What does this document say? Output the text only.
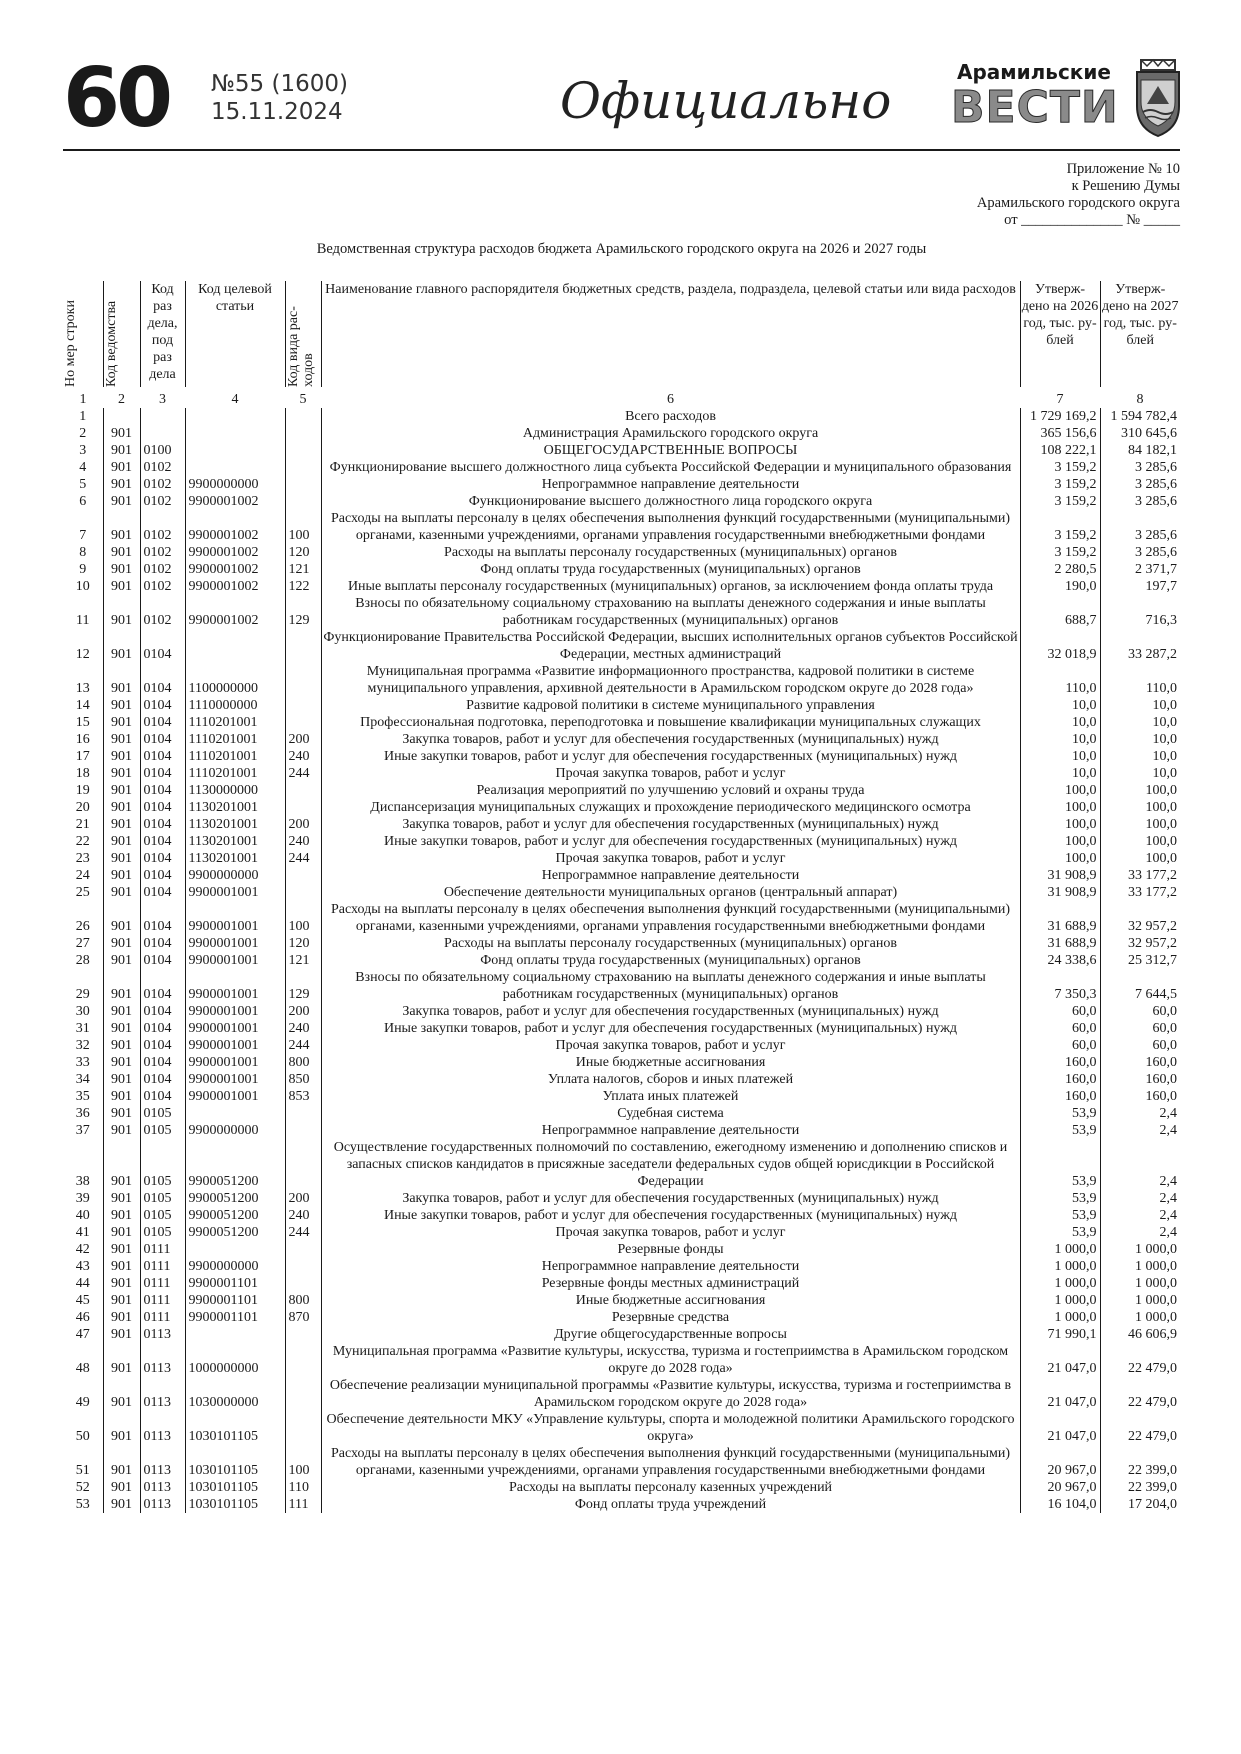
60 №55 (1600)
15.11.2024	Официально	Арамильские
ВЕСТИ
Приложение № 10
к Решению Думы
Арамильского городского округа
от ______________ № _____
Ведомственная структура расходов бюджета Арамильского городского округа на 2026 и 2027 годы
Но мер строки	Код ведомства	Код раз дела, под раз дела	Код целевой статьи	Код вида рас- ходов	Наименование главного распорядителя бюджетных средств, раздела, подраздела, целевой статьи или вида расходов	Утверж- дено на 2026 год, тыс. ру- блей	Утверж- дено на 2027 год, тыс. ру- блей
1	2	3	4	5	6	7	8
1					Всего расходов	1 729 169,2	1 594 782,4
2	901				Администрация Арамильского городского округа	365 156,6	310 645,6
3	901	0100			ОБЩЕГОСУДАРСТВЕННЫЕ ВОПРОСЫ	108 222,1	84 182,1
4	901	0102			Функционирование высшего должностного лица субъекта Российской Федерации и муниципального образования	3 159,2	3 285,6
5	901	0102	9900000000		Непрограммное направление деятельности	3 159,2	3 285,6
6	901	0102	9900001002		Функционирование высшего должностного лица городского округа	3 159,2	3 285,6
7	901	0102	9900001002	100	Расходы на выплаты персоналу в целях обеспечения выполнения функций государственными (муниципальными) органами, казенными учреждениями, органами управления государственными внебюджетными фондами	3 159,2	3 285,6
8	901	0102	9900001002	120	Расходы на выплаты персоналу государственных (муниципальных) органов	3 159,2	3 285,6
9	901	0102	9900001002	121	Фонд оплаты труда государственных (муниципальных) органов	2 280,5	2 371,7
10	901	0102	9900001002	122	Иные выплаты персоналу государственных (муниципальных) органов, за исключением фонда оплаты труда	190,0	197,7
11	901	0102	9900001002	129	Взносы по обязательному социальному страхованию на выплаты денежного содержания и иные выплаты работникам государственных (муниципальных) органов	688,7	716,3
12	901	0104			Функционирование Правительства Российской Федерации, высших исполнительных органов субъектов Российской Федерации, местных администраций	32 018,9	33 287,2
13	901	0104	1100000000		Муниципальная программа «Развитие информационного пространства, кадровой политики в системе муниципального управления, архивной деятельности в Арамильском городском округе до 2028 года»	110,0	110,0
14	901	0104	1110000000		Развитие кадровой политики в системе муниципального управления	10,0	10,0
15	901	0104	1110201001		Профессиональная подготовка, переподготовка и повышение квалификации муниципальных служащих	10,0	10,0
16	901	0104	1110201001	200	Закупка товаров, работ и услуг для обеспечения государственных (муниципальных) нужд	10,0	10,0
17	901	0104	1110201001	240	Иные закупки товаров, работ и услуг для обеспечения государственных (муниципальных) нужд	10,0	10,0
18	901	0104	1110201001	244	Прочая закупка товаров, работ и услуг	10,0	10,0
19	901	0104	1130000000		Реализация мероприятий по улучшению условий и охраны труда	100,0	100,0
20	901	0104	1130201001		Диспансеризация муниципальных служащих и прохождение периодического медицинского осмотра	100,0	100,0
21	901	0104	1130201001	200	Закупка товаров, работ и услуг для обеспечения государственных (муниципальных) нужд	100,0	100,0
22	901	0104	1130201001	240	Иные закупки товаров, работ и услуг для обеспечения государственных (муниципальных) нужд	100,0	100,0
23	901	0104	1130201001	244	Прочая закупка товаров, работ и услуг	100,0	100,0
24	901	0104	9900000000		Непрограммное направление деятельности	31 908,9	33 177,2
25	901	0104	9900001001		Обеспечение деятельности муниципальных органов (центральный аппарат)	31 908,9	33 177,2
26	901	0104	9900001001	100	Расходы на выплаты персоналу в целях обеспечения выполнения функций государственными (муниципальными) органами, казенными учреждениями, органами управления государственными внебюджетными фондами	31 688,9	32 957,2
27	901	0104	9900001001	120	Расходы на выплаты персоналу государственных (муниципальных) органов	31 688,9	32 957,2
28	901	0104	9900001001	121	Фонд оплаты труда государственных (муниципальных) органов	24 338,6	25 312,7
29	901	0104	9900001001	129	Взносы по обязательному социальному страхованию на выплаты денежного содержания и иные выплаты работникам государственных (муниципальных) органов	7 350,3	7 644,5
30	901	0104	9900001001	200	Закупка товаров, работ и услуг для обеспечения государственных (муниципальных) нужд	60,0	60,0
31	901	0104	9900001001	240	Иные закупки товаров, работ и услуг для обеспечения государственных (муниципальных) нужд	60,0	60,0
32	901	0104	9900001001	244	Прочая закупка товаров, работ и услуг	60,0	60,0
33	901	0104	9900001001	800	Иные бюджетные ассигнования	160,0	160,0
34	901	0104	9900001001	850	Уплата налогов, сборов и иных платежей	160,0	160,0
35	901	0104	9900001001	853	Уплата иных платежей	160,0	160,0
36	901	0105			Судебная система	53,9	2,4
37	901	0105	9900000000		Непрограммное направление деятельности	53,9	2,4
38	901	0105	9900051200		Осуществление государственных полномочий по составлению, ежегодному изменению и дополнению списков и запасных списков кандидатов в присяжные заседатели федеральных судов общей юрисдикции в Российской Федерации	53,9	2,4
39	901	0105	9900051200	200	Закупка товаров, работ и услуг для обеспечения государственных (муниципальных) нужд	53,9	2,4
40	901	0105	9900051200	240	Иные закупки товаров, работ и услуг для обеспечения государственных (муниципальных) нужд	53,9	2,4
41	901	0105	9900051200	244	Прочая закупка товаров, работ и услуг	53,9	2,4
42	901	0111			Резервные фонды	1 000,0	1 000,0
43	901	0111	9900000000		Непрограммное направление деятельности	1 000,0	1 000,0
44	901	0111	9900001101		Резервные фонды местных администраций	1 000,0	1 000,0
45	901	0111	9900001101	800	Иные бюджетные ассигнования	1 000,0	1 000,0
46	901	0111	9900001101	870	Резервные средства	1 000,0	1 000,0
47	901	0113			Другие общегосударственные вопросы	71 990,1	46 606,9
48	901	0113	1000000000		Муниципальная программа «Развитие культуры, искусства, туризма и гостеприимства в Арамильском городском округе до 2028 года»	21 047,0	22 479,0
49	901	0113	1030000000		Обеспечение реализации муниципальной программы «Развитие культуры, искусства, туризма и гостеприимства в Арамильском городском округе до 2028 года»	21 047,0	22 479,0
50	901	0113	1030101105		Обеспечение деятельности МКУ «Управление культуры, спорта и молодежной политики Арамильского городского округа»	21 047,0	22 479,0
51	901	0113	1030101105	100	Расходы на выплаты персоналу в целях обеспечения выполнения функций государственными (муниципальными) органами, казенными учреждениями, органами управления государственными внебюджетными фондами	20 967,0	22 399,0
52	901	0113	1030101105	110	Расходы на выплаты персоналу казенных учреждений	20 967,0	22 399,0
53	901	0113	1030101105	111	Фонд оплаты труда учреждений	16 104,0	17 204,0
